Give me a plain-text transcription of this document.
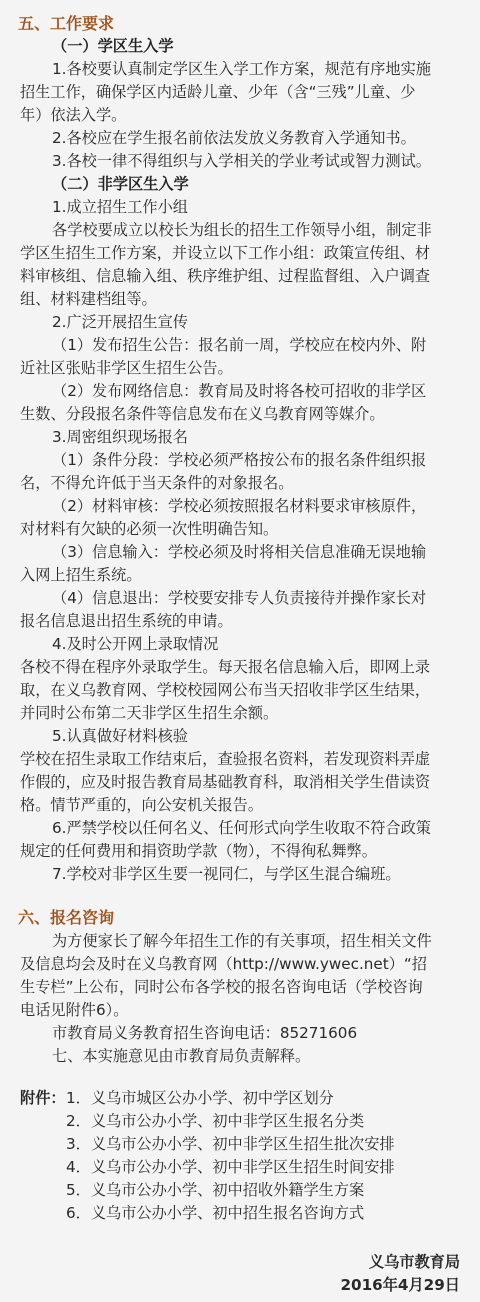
五、工作要求
（一）学区生入学
1.各校要认真制定学区生入学工作方案，规范有序地实施
招生工作，确保学区内适龄儿童、少年（含“三残”儿童、少
年）依法入学。
2.各校应在学生报名前依法发放义务教育入学通知书。
3.各校一律不得组织与入学相关的学业考试或智力测试。
（二）非学区生入学
1.成立招生工作小组
各学校要成立以校长为组长的招生工作领导小组，制定非
学区生招生工作方案，并设立以下工作小组：政策宣传组、材
料审核组、信息输入组、秩序维护组、过程监督组、入户调查
组、材料建档组等。
2.广泛开展招生宣传
（1）发布招生公告：报名前一周，学校应在校内外、附
近社区张贴非学区生招生公告。
（2）发布网络信息：教育局及时将各校可招收的非学区
生数、分段报名条件等信息发布在义乌教育网等媒介。
3.周密组织现场报名
（1）条件分段：学校必须严格按公布的报名条件组织报
名，不得允许低于当天条件的对象报名。
（2）材料审核：学校必须按照报名材料要求审核原件，
对材料有欠缺的必须一次性明确告知。
（3）信息输入：学校必须及时将相关信息准确无误地输
入网上招生系统。
（4）信息退出：学校要安排专人负责接待并操作家长对
报名信息退出招生系统的申请。
4.及时公开网上录取情况
各校不得在程序外录取学生。每天报名信息输入后，即网上录
取，在义乌教育网、学校校园网公布当天招收非学区生结果，
并同时公布第二天非学区生招生余额。
5.认真做好材料核验
学校在招生录取工作结束后，查验报名资料，若发现资料弄虚
作假的，应及时报告教育局基础教育科，取消相关学生借读资
格。情节严重的，向公安机关报告。
6.严禁学校以任何名义、任何形式向学生收取不符合政策
规定的任何费用和捐资助学款（物），不得徇私舞弊。
7.学校对非学区生要一视同仁，与学区生混合编班。
六、报名咨询
为方便家长了解今年招生工作的有关事项，招生相关文件
及信息均会及时在义乌教育网（http://www.ywec.net）“招
生专栏”上公布，同时公布各学校的报名咨询电话（学校咨询
电话见附件6）。
市教育局义务教育招生咨询电话：85271606
七、本实施意见由市教育局负责解释。
附件： 1．义乌市城区公办小学、初中学区划分
2．义乌市公办小学、初中非学区生报名分类
3．义乌市公办小学、初中非学区生招生批次安排
4．义乌市公办小学、初中非学区生招生时间安排
5．义乌市公办小学、初中招收外籍学生方案
6．义乌市公办小学、初中招生报名咨询方式
义乌市教育局
2016年4月29日
